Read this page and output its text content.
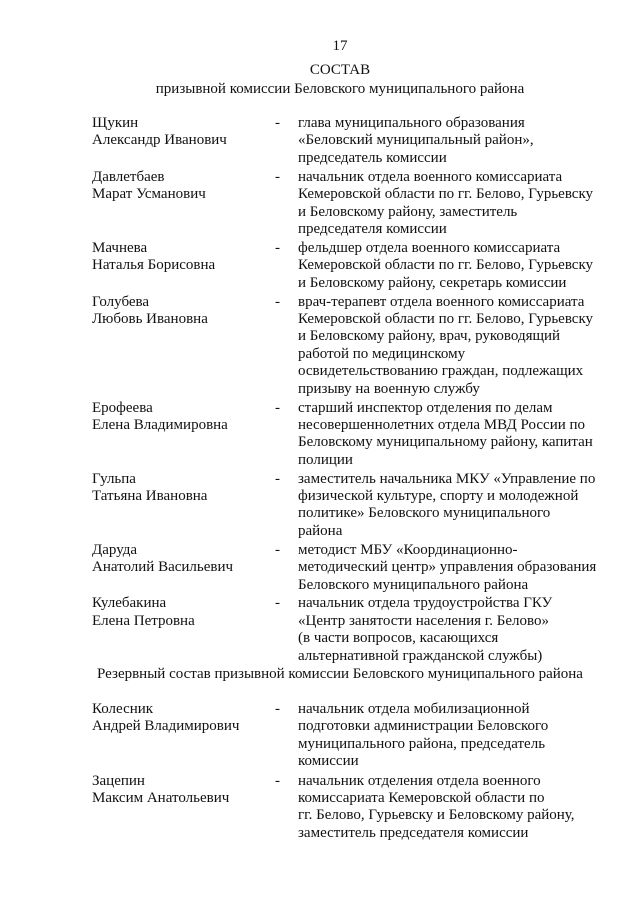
17
СОСТАВ
призывной комиссии Беловского муниципального района
Щукин
Александр Иванович
-	глава муниципального образования
«Беловский муниципальный район»,
председатель комиссии
Давлетбаев
Марат Усманович
-	начальник отдела военного комиссариата
Кемеровской области по гг. Белово, Гурьевску
и Беловскому району, заместитель
председателя комиссии
Мачнева
Наталья Борисовна
-	фельдшер отдела военного комиссариата
Кемеровской области по гг. Белово, Гурьевску
и Беловскому району, секретарь комиссии
Голубева
Любовь Ивановна
-	врач-терапевт отдела военного комиссариата
Кемеровской области по гг. Белово, Гурьевску
и Беловскому району, врач, руководящий
работой по медицинскому
освидетельствованию граждан, подлежащих
призыву на военную службу
Ерофеева
Елена Владимировна
-	старший инспектор отделения по делам
несовершеннолетних отдела МВД России по
Беловскому муниципальному району, капитан
полиции
Гульпа
Татьяна Ивановна
-	заместитель начальника МКУ «Управление по
физической культуре, спорту и молодежной
политике» Беловского муниципального
района
Даруда
Анатолий Васильевич
-	методист МБУ «Координационно-
методический центр» управления образования
Беловского муниципального района
Кулебакина
Елена Петровна
-	начальник отдела трудоустройства ГКУ
«Центр занятости населения г. Белово»
(в части вопросов, касающихся
альтернативной гражданской службы)
Резервный состав призывной комиссии Беловского муниципального района
Колесник
Андрей Владимирович
-	начальник отдела мобилизационной
подготовки администрации Беловского
муниципального района, председатель
комиссии
Зацепин
Максим Анатольевич
-	начальник отделения отдела военного
комиссариата Кемеровской области по
гг. Белово, Гурьевску и Беловскому району,
заместитель председателя комиссии
